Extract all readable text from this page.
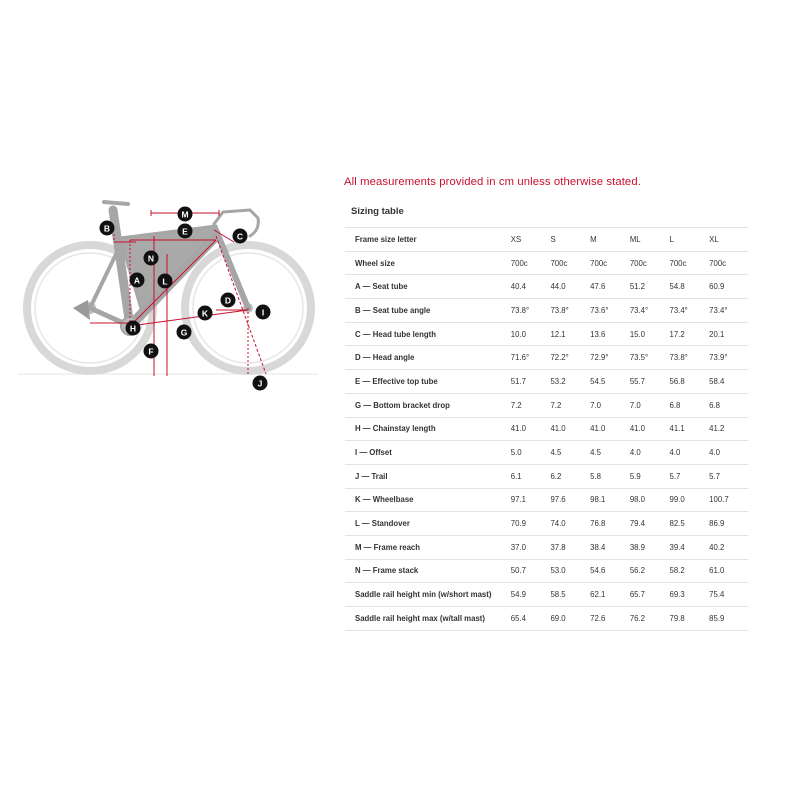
A
B
C
D
E
F
G
H
I
J
K
L
M
N
All measurements provided in cm unless otherwise stated.
Sizing table
Frame size letter	XS	S	M	ML	L	XL
Wheel size	700c	700c	700c	700c	700c	700c
A — Seat tube	40.4	44.0	47.6	51.2	54.8	60.9
B — Seat tube angle	73.8°	73.8°	73.6°	73.4°	73.4°	73.4°
C — Head tube length	10.0	12.1	13.6	15.0	17.2	20.1
D — Head angle	71.6°	72.2°	72.9°	73.5°	73.8°	73.9°
E — Effective top tube	51.7	53.2	54.5	55.7	56.8	58.4
G — Bottom bracket drop	7.2	7.2	7.0	7.0	6.8	6.8
H — Chainstay length	41.0	41.0	41.0	41.0	41.1	41.2
I — Offset	5.0	4.5	4.5	4.0	4.0	4.0
J — Trail	6.1	6.2	5.8	5.9	5.7	5.7
K — Wheelbase	97.1	97.6	98.1	98.0	99.0	100.7
L — Standover	70.9	74.0	76.8	79.4	82.5	86.9
M — Frame reach	37.0	37.8	38.4	38.9	39.4	40.2
N — Frame stack	50.7	53.0	54.6	56.2	58.2	61.0
Saddle rail height min (w/short mast)	54.9	58.5	62.1	65.7	69.3	75.4
Saddle rail height max (w/tall mast)	65.4	69.0	72.6	76.2	79.8	85.9
